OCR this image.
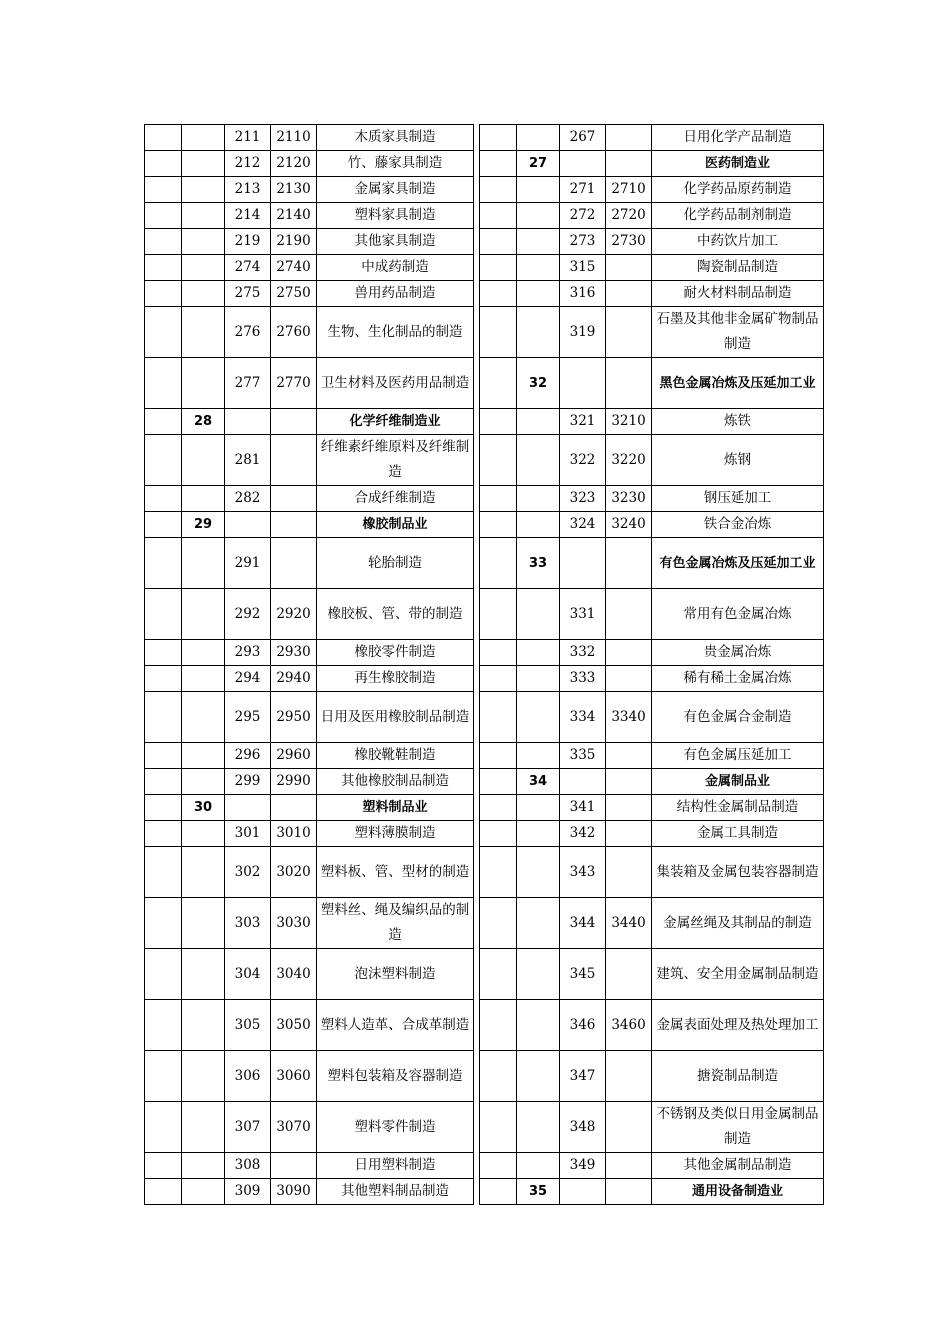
		211	2110	木质家具制造				267		日用化学产品制造
		212	2120	竹、藤家具制造			27			医药制造业
		213	2130	金属家具制造				271	2710	化学药品原药制造
		214	2140	塑料家具制造				272	2720	化学药品制剂制造
		219	2190	其他家具制造				273	2730	中药饮片加工
		274	2740	中成药制造				315		陶瓷制品制造
		275	2750	兽用药品制造				316		耐火材料制品制造
		276	2760	生物、生化制品的制造				319		石墨及其他非金属矿物制品制造
		277	2770	卫生材料及医药用品制造			32			黑色金属冶炼及压延加工业
	28			化学纤维制造业				321	3210	炼铁
		281		纤维素纤维原料及纤维制造				322	3220	炼钢
		282		合成纤维制造				323	3230	钢压延加工
	29			橡胶制品业				324	3240	铁合金冶炼
		291		轮胎制造			33			有色金属冶炼及压延加工业
		292	2920	橡胶板、管、带的制造				331		常用有色金属冶炼
		293	2930	橡胶零件制造				332		贵金属冶炼
		294	2940	再生橡胶制造				333		稀有稀土金属冶炼
		295	2950	日用及医用橡胶制品制造				334	3340	有色金属合金制造
		296	2960	橡胶靴鞋制造				335		有色金属压延加工
		299	2990	其他橡胶制品制造			34			金属制品业
	30			塑料制品业				341		结构性金属制品制造
		301	3010	塑料薄膜制造				342		金属工具制造
		302	3020	塑料板、管、型材的制造				343		集装箱及金属包装容器制造
		303	3030	塑料丝、绳及编织品的制造				344	3440	金属丝绳及其制品的制造
		304	3040	泡沫塑料制造				345		建筑、安全用金属制品制造
		305	3050	塑料人造革、合成革制造				346	3460	金属表面处理及热处理加工
		306	3060	塑料包装箱及容器制造				347		搪瓷制品制造
		307	3070	塑料零件制造				348		不锈钢及类似日用金属制品制造
		308		日用塑料制造				349		其他金属制品制造
		309	3090	其他塑料制品制造			35			通用设备制造业
